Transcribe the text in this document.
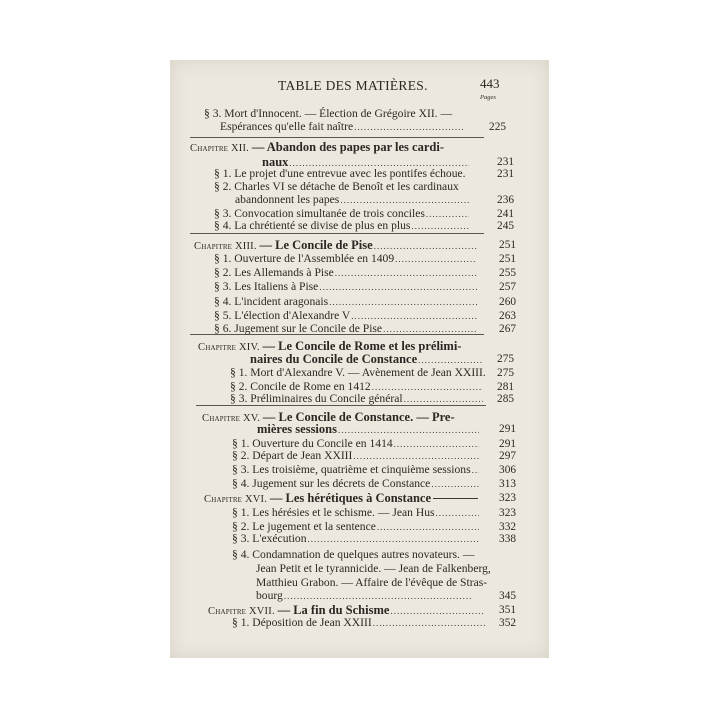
TABLE DES MATIÈRES.	443
Pages
§ 3. Mort d'Innocent. — Élection de Grégoire XII. —
Espérances qu'elle fait naître .....	225
Chapitre XII. — Abandon des papes par les cardi-
naux .....	231
§ 1. Le projet d'une entrevue avec les pontifes échoue.	231
§ 2. Charles VI se détache de Benoît et les cardinaux
abandonnent les papes .....	236
§ 3. Convocation simultanée de trois conciles .....	241
§ 4. La chrétienté se divise de plus en plus .....	245
Chapitre XIII. — Le Concile de Pise .....	251
§ 1. Ouverture de l'Assemblée en 1409 .....	251
§ 2. Les Allemands à Pise .....	255
§ 3. Les Italiens à Pise .....	257
§ 4. L'incident aragonais .....	260
§ 5. L'élection d'Alexandre V .....	263
§ 6. Jugement sur le Concile de Pise .....	267
Chapitre XIV. — Le Concile de Rome et les prélimi-
naires du Concile de Constance .....	275
§ 1. Mort d'Alexandre V. — Avènement de Jean XXIII. 275
§ 2. Concile de Rome en 1412 .....	281
§ 3. Préliminaires du Concile général .....	285
Chapitre XV. — Le Concile de Constance. — Pre-
mières sessions .....	291
§ 1. Ouverture du Concile en 1414 .....	291
§ 2. Départ de Jean XXIII .....	297
§ 3. Les troisième, quatrième et cinquième sessions .....	306
§ 4. Jugement sur les décrets de Constance .....	313
Chapitre XVI. — Les hérétiques à Constance	323
§ 1. Les hérésies et le schisme. — Jean Hus .....	323
§ 2. Le jugement et la sentence .....	332
§ 3. L'exécution .....	338
§ 4. Condamnation de quelques autres novateurs. —
Jean Petit et le tyrannicide. — Jean de Falkenberg,
Matthieu Grabon. — Affaire de l'évêque de Stras-
bourg .....	345
Chapitre XVII. — La fin du Schisme .....	351
§ 1. Déposition de Jean XXIII .....	352
